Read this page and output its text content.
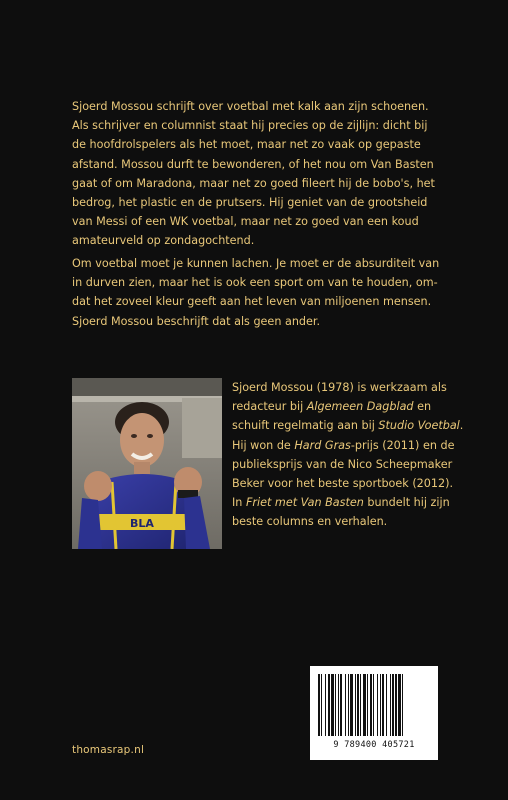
Sjoerd Mossou schrijft over voetbal met kalk aan zijn schoenen.
Als schrijver en columnist staat hij precies op de zijlijn: dicht bij
de hoofdrolspelers als het moet, maar net zo vaak op gepaste
afstand. Mossou durft te bewonderen, of het nou om Van Basten
gaat of om Maradona, maar net zo goed fileert hij de bobo's, het
bedrog, het plastic en de prutsers. Hij geniet van de grootsheid
van Messi of een WK voetbal, maar net zo goed van een koud
amateurveld op zondagochtend.

Om voetbal moet je kunnen lachen. Je moet er de absurditeit van
in durven zien, maar het is ook een sport om van te houden, om-
dat het zoveel kleur geeft aan het leven van miljoenen mensen.
Sjoerd Mossou beschrijft dat als geen ander.

BLA
Sjoerd Mossou (1978) is werkzaam als
redacteur bij Algemeen Dagblad en
schuift regelmatig aan bij Studio Voetbal.
Hij won de Hard Gras-prijs (2011) en de
publieksprijs van de Nico Scheepmaker
Beker voor het beste sportboek (2012).
In Friet met Van Basten bundelt hij zijn
beste columns en verhalen.
thomasrap.nl	9 789400 405721
